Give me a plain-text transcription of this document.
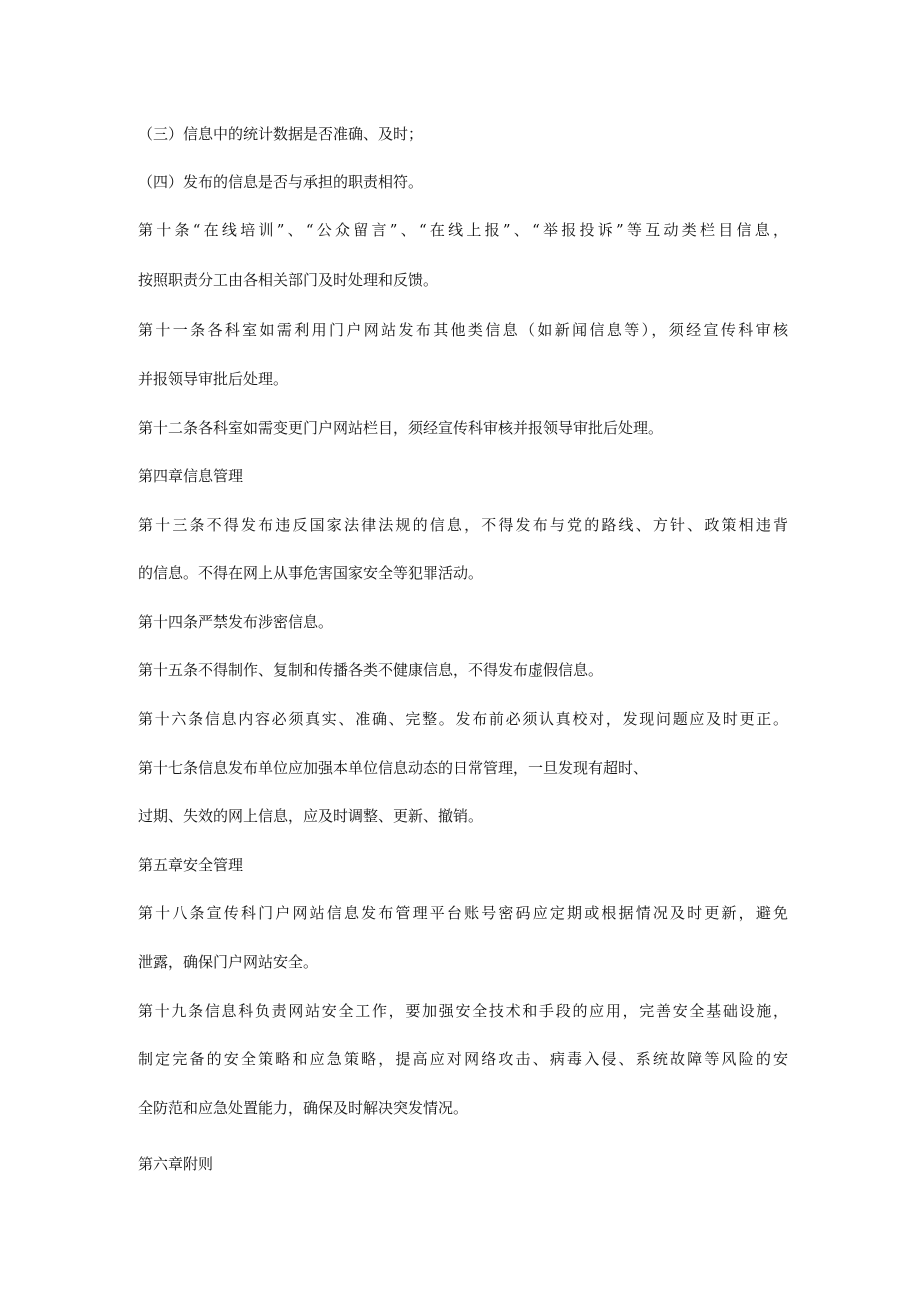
（三）信息中的统计数据是否准确、及时；
（四）发布的信息是否与承担的职责相符。
第十条“在线培训”、“公众留言”、“在线上报”、“举报投诉”等互动类栏目信息，
按照职责分工由各相关部门及时处理和反馈。
第十一条各科室如需利用门户网站发布其他类信息（如新闻信息等），须经宣传科审核
并报领导审批后处理。
第十二条各科室如需变更门户网站栏目，须经宣传科审核并报领导审批后处理。
第四章信息管理
第十三条不得发布违反国家法律法规的信息，不得发布与党的路线、方针、政策相违背
的信息。不得在网上从事危害国家安全等犯罪活动。
第十四条严禁发布涉密信息。
第十五条不得制作、复制和传播各类不健康信息，不得发布虚假信息。
第十六条信息内容必须真实、准确、完整。发布前必须认真校对，发现问题应及时更正。
第十七条信息发布单位应加强本单位信息动态的日常管理，一旦发现有超时、
过期、失效的网上信息，应及时调整、更新、撤销。
第五章安全管理
第十八条宣传科门户网站信息发布管理平台账号密码应定期或根据情况及时更新，避免
泄露，确保门户网站安全。
第十九条信息科负责网站安全工作，要加强安全技术和手段的应用，完善安全基础设施，
制定完备的安全策略和应急策略，提高应对网络攻击、病毒入侵、系统故障等风险的安
全防范和应急处置能力，确保及时解决突发情况。
第六章附则
